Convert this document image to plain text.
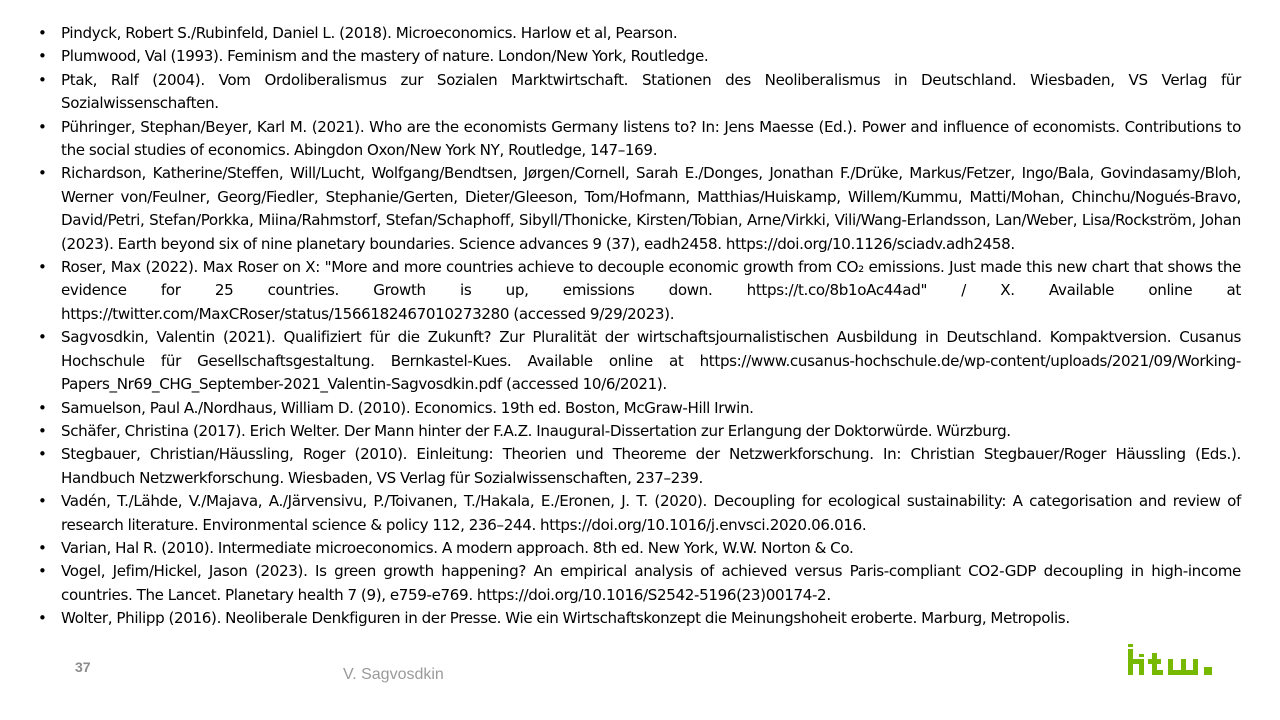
• Pindyck, Robert S./Rubinfeld, Daniel L. (2018). Microeconomics. Harlow et al, Pearson.
• Plumwood, Val (1993). Feminism and the mastery of nature. London/New York, Routledge.
• Ptak, Ralf (2004). Vom Ordoliberalismus zur Sozialen Marktwirtschaft. Stationen des Neoliberalismus in Deutschland. Wiesbaden, VS Verlag für Sozialwissenschaften.
• Pühringer, Stephan/Beyer, Karl M. (2021). Who are the economists Germany listens to? In: Jens Maesse (Ed.). Power and influence of economists. Contributions to the social studies of economics. Abingdon Oxon/New York NY, Routledge, 147–169.
• Richardson, Katherine/Steffen, Will/Lucht, Wolfgang/Bendtsen, Jørgen/Cornell, Sarah E./Donges, Jonathan F./Drüke, Markus/Fetzer, Ingo/Bala, Govindasamy/Bloh, Werner von/Feulner, Georg/Fiedler, Stephanie/Gerten, Dieter/Gleeson, Tom/Hofmann, Matthias/Huiskamp, Willem/Kummu, Matti/Mohan, Chinchu/Nogués-Bravo, David/Petri, Stefan/Porkka, Miina/Rahmstorf, Stefan/Schaphoff, Sibyll/Thonicke, Kirsten/Tobian, Arne/Virkki, Vili/Wang-Erlandsson, Lan/Weber, Lisa/Rockström, Johan (2023). Earth beyond six of nine planetary boundaries. Science advances 9 (37), eadh2458. https://doi.org/10.1126/sciadv.adh2458.
• Roser, Max (2022). Max Roser on X: "More and more countries achieve to decouple economic growth from CO₂ emissions. Just made this new chart that shows the evidence for 25 countries. Growth is up, emissions down. https://t.co/8b1oAc44ad" / X. Available online at https://twitter.com/MaxCRoser/status/1566182467010273280 (accessed 9/29/2023).
• Sagvosdkin, Valentin (2021). Qualifiziert für die Zukunft? Zur Pluralität der wirtschaftsjournalistischen Ausbildung in Deutschland. Kompaktversion. Cusanus Hochschule für Gesellschaftsgestaltung. Bernkastel-Kues. Available online at https://www.cusanus-hochschule.de/wp-content/uploads/2021/09/Working-Papers_Nr69_CHG_September-2021_Valentin-Sagvosdkin.pdf (accessed 10/6/2021).
• Samuelson, Paul A./Nordhaus, William D. (2010). Economics. 19th ed. Boston, McGraw-Hill Irwin.
• Schäfer, Christina (2017). Erich Welter. Der Mann hinter der F.A.Z. Inaugural-Dissertation zur Erlangung der Doktorwürde. Würzburg.
• Stegbauer, Christian/Häussling, Roger (2010). Einleitung: Theorien und Theoreme der Netzwerkforschung. In: Christian Stegbauer/Roger Häussling (Eds.). Handbuch Netzwerkforschung. Wiesbaden, VS Verlag für Sozialwissenschaften, 237–239.
• Vadén, T./Lähde, V./Majava, A./Järvensivu, P./Toivanen, T./Hakala, E./Eronen, J. T. (2020). Decoupling for ecological sustainability: A categorisation and review of research literature. Environmental science & policy 112, 236–244. https://doi.org/10.1016/j.envsci.2020.06.016.
• Varian, Hal R. (2010). Intermediate microeconomics. A modern approach. 8th ed. New York, W.W. Norton & Co.
• Vogel, Jefim/Hickel, Jason (2023). Is green growth happening? An empirical analysis of achieved versus Paris-compliant CO2-GDP decoupling in high-income countries. The Lancet. Planetary health 7 (9), e759-e769. https://doi.org/10.1016/S2542-5196(23)00174-2.
• Wolter, Philipp (2016). Neoliberale Denkfiguren in der Presse. Wie ein Wirtschaftskonzept die Meinungshoheit eroberte. Marburg, Metropolis.
37	V. Sagvosdkin
